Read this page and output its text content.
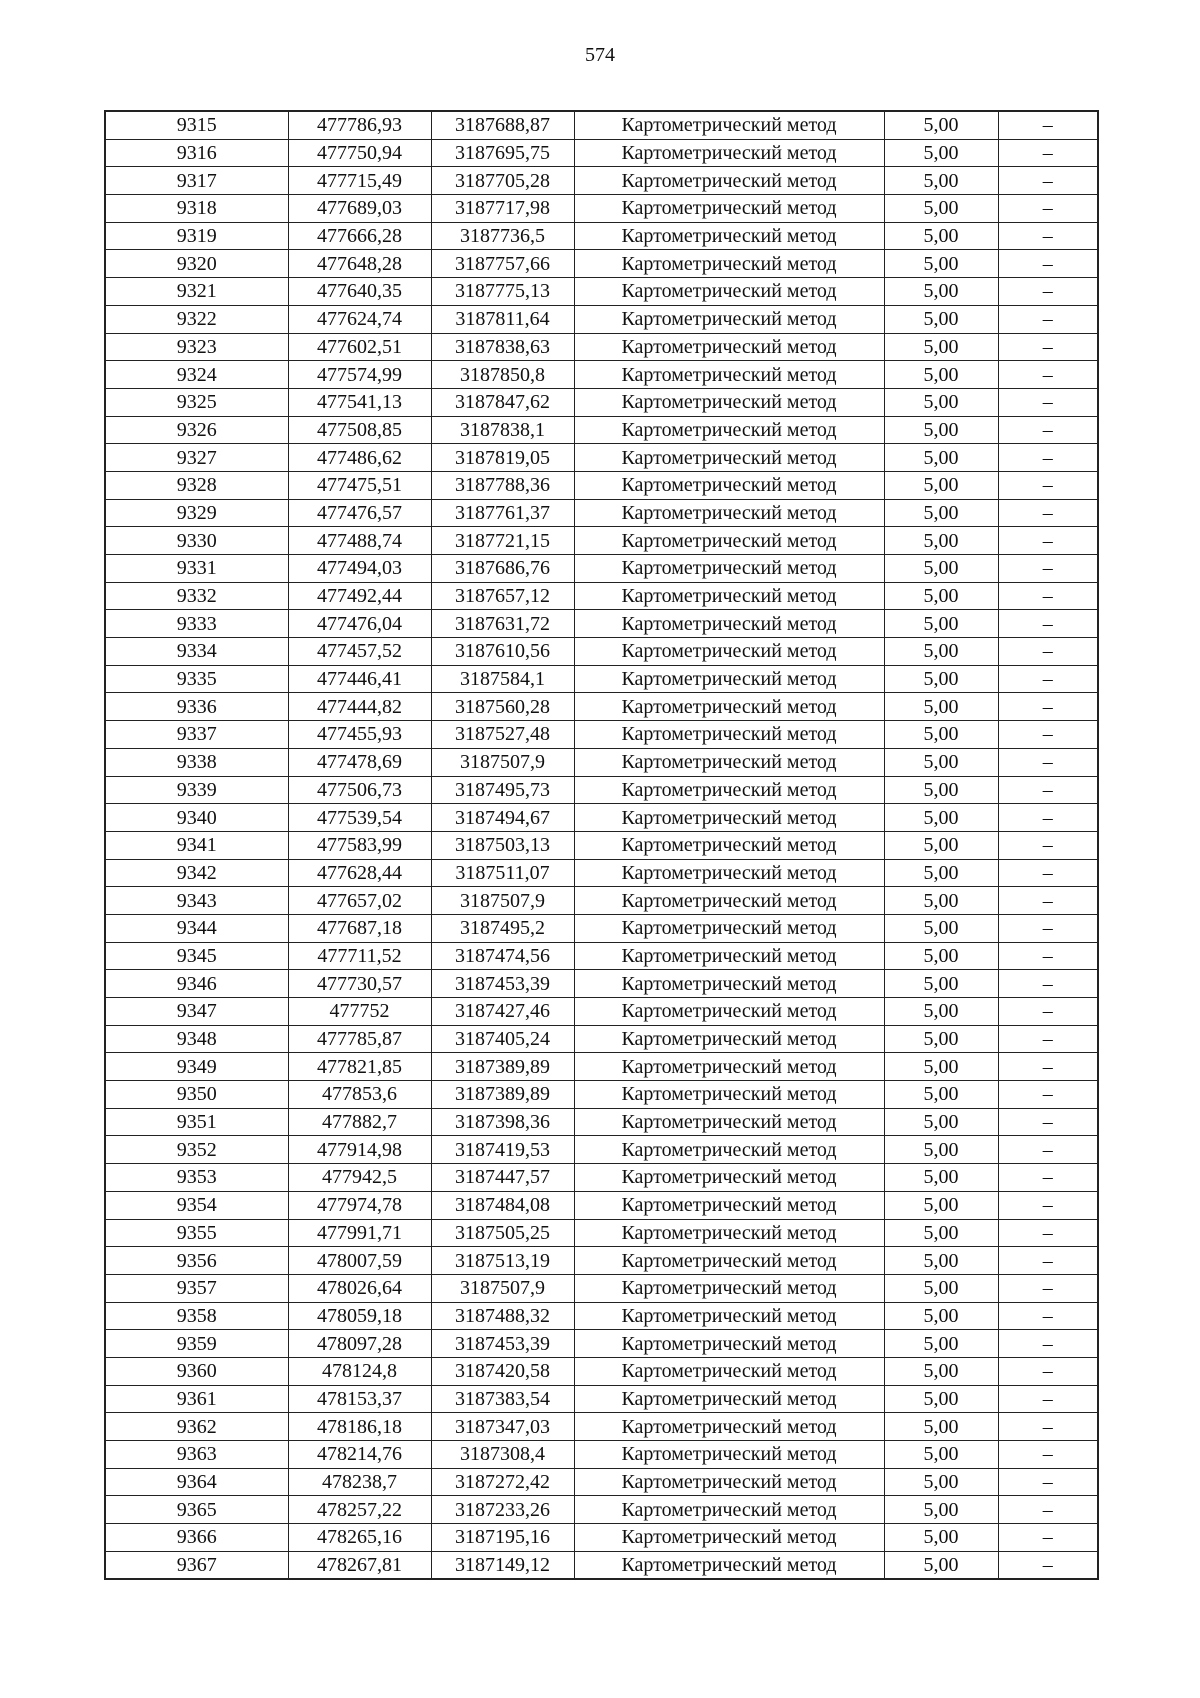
574
9315	477786,93	3187688,87	Картометрический метод	5,00	–
9316	477750,94	3187695,75	Картометрический метод	5,00	–
9317	477715,49	3187705,28	Картометрический метод	5,00	–
9318	477689,03	3187717,98	Картометрический метод	5,00	–
9319	477666,28	3187736,5	Картометрический метод	5,00	–
9320	477648,28	3187757,66	Картометрический метод	5,00	–
9321	477640,35	3187775,13	Картометрический метод	5,00	–
9322	477624,74	3187811,64	Картометрический метод	5,00	–
9323	477602,51	3187838,63	Картометрический метод	5,00	–
9324	477574,99	3187850,8	Картометрический метод	5,00	–
9325	477541,13	3187847,62	Картометрический метод	5,00	–
9326	477508,85	3187838,1	Картометрический метод	5,00	–
9327	477486,62	3187819,05	Картометрический метод	5,00	–
9328	477475,51	3187788,36	Картометрический метод	5,00	–
9329	477476,57	3187761,37	Картометрический метод	5,00	–
9330	477488,74	3187721,15	Картометрический метод	5,00	–
9331	477494,03	3187686,76	Картометрический метод	5,00	–
9332	477492,44	3187657,12	Картометрический метод	5,00	–
9333	477476,04	3187631,72	Картометрический метод	5,00	–
9334	477457,52	3187610,56	Картометрический метод	5,00	–
9335	477446,41	3187584,1	Картометрический метод	5,00	–
9336	477444,82	3187560,28	Картометрический метод	5,00	–
9337	477455,93	3187527,48	Картометрический метод	5,00	–
9338	477478,69	3187507,9	Картометрический метод	5,00	–
9339	477506,73	3187495,73	Картометрический метод	5,00	–
9340	477539,54	3187494,67	Картометрический метод	5,00	–
9341	477583,99	3187503,13	Картометрический метод	5,00	–
9342	477628,44	3187511,07	Картометрический метод	5,00	–
9343	477657,02	3187507,9	Картометрический метод	5,00	–
9344	477687,18	3187495,2	Картометрический метод	5,00	–
9345	477711,52	3187474,56	Картометрический метод	5,00	–
9346	477730,57	3187453,39	Картометрический метод	5,00	–
9347	477752	3187427,46	Картометрический метод	5,00	–
9348	477785,87	3187405,24	Картометрический метод	5,00	–
9349	477821,85	3187389,89	Картометрический метод	5,00	–
9350	477853,6	3187389,89	Картометрический метод	5,00	–
9351	477882,7	3187398,36	Картометрический метод	5,00	–
9352	477914,98	3187419,53	Картометрический метод	5,00	–
9353	477942,5	3187447,57	Картометрический метод	5,00	–
9354	477974,78	3187484,08	Картометрический метод	5,00	–
9355	477991,71	3187505,25	Картометрический метод	5,00	–
9356	478007,59	3187513,19	Картометрический метод	5,00	–
9357	478026,64	3187507,9	Картометрический метод	5,00	–
9358	478059,18	3187488,32	Картометрический метод	5,00	–
9359	478097,28	3187453,39	Картометрический метод	5,00	–
9360	478124,8	3187420,58	Картометрический метод	5,00	–
9361	478153,37	3187383,54	Картометрический метод	5,00	–
9362	478186,18	3187347,03	Картометрический метод	5,00	–
9363	478214,76	3187308,4	Картометрический метод	5,00	–
9364	478238,7	3187272,42	Картометрический метод	5,00	–
9365	478257,22	3187233,26	Картометрический метод	5,00	–
9366	478265,16	3187195,16	Картометрический метод	5,00	–
9367	478267,81	3187149,12	Картометрический метод	5,00	–
